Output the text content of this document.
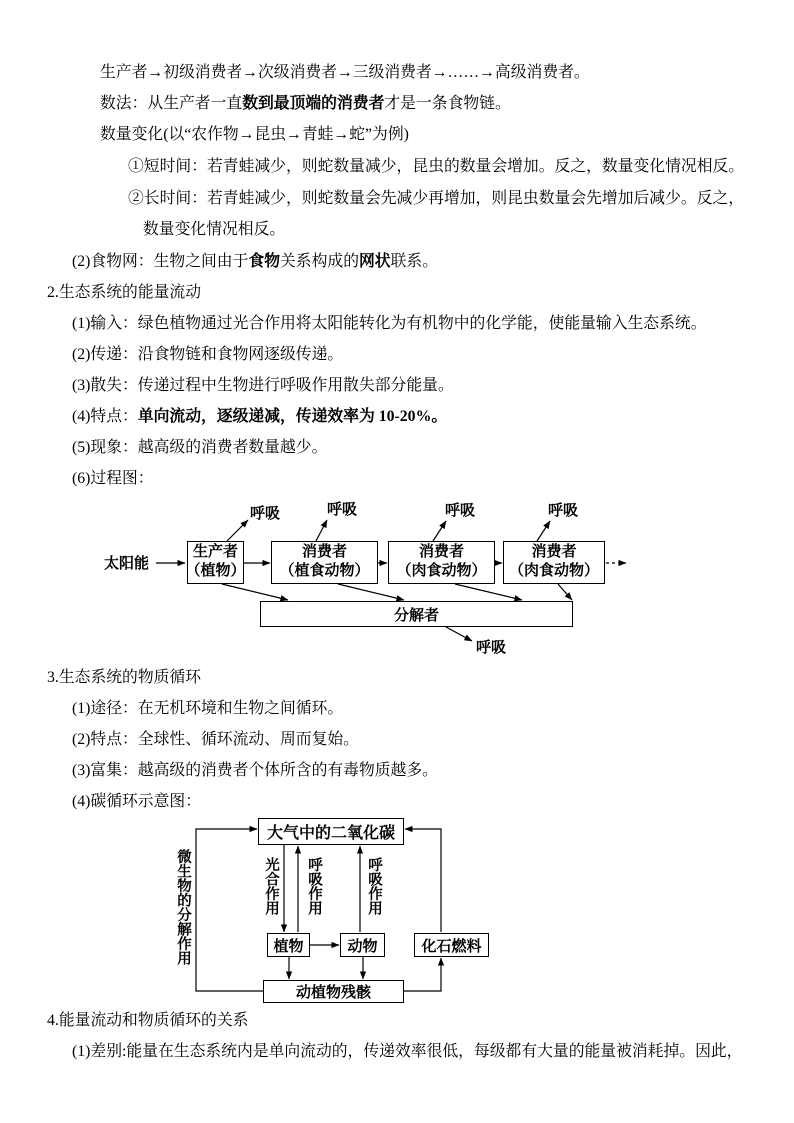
生产者→初级消费者→次级消费者→三级消费者→……→高级消费者。
数法：从生产者一直数到最顶端的消费者才是一条食物链。
数量变化(以“农作物→昆虫→青蛙→蛇”为例)
①短时间：若青蛙减少，则蛇数量减少，昆虫的数量会增加。反之，数量变化情况相反。
②长时间：若青蛙减少，则蛇数量会先减少再增加，则昆虫数量会先增加后减少。反之，
数量变化情况相反。
(2)食物网：生物之间由于食物关系构成的网状联系。
2.生态系统的能量流动
(1)输入：绿色植物通过光合作用将太阳能转化为有机物中的化学能，使能量输入生态系统。
(2)传递：沿食物链和食物网逐级传递。
(3)散失：传递过程中生物进行呼吸作用散失部分能量。
(4)特点：单向流动，逐级递减，传递效率为 10-20%。
(5)现象：越高级的消费者数量越少。
(6)过程图：
太阳能
生产者
（植物）
消费者
（植食动物）
消费者
（肉食动物）
消费者
（肉食动物）
呼吸	呼吸	呼吸	呼吸
分解者
呼吸
3.生态系统的物质循环
(1)途径：在无机环境和生物之间循环。
(2)特点：全球性、循环流动、周而复始。
(3)富集：越高级的消费者个体所含的有毒物质越多。
(4)碳循环示意图：
大气中的二氧化碳
微生物的分解作用	光合作用 呼吸作用	呼吸作用
植物	动物	化石燃料
动植物残骸
4.能量流动和物质循环的关系
(1)差别:能量在生态系统内是单向流动的，传递效率很低，每级都有大量的能量被消耗掉。因此，
